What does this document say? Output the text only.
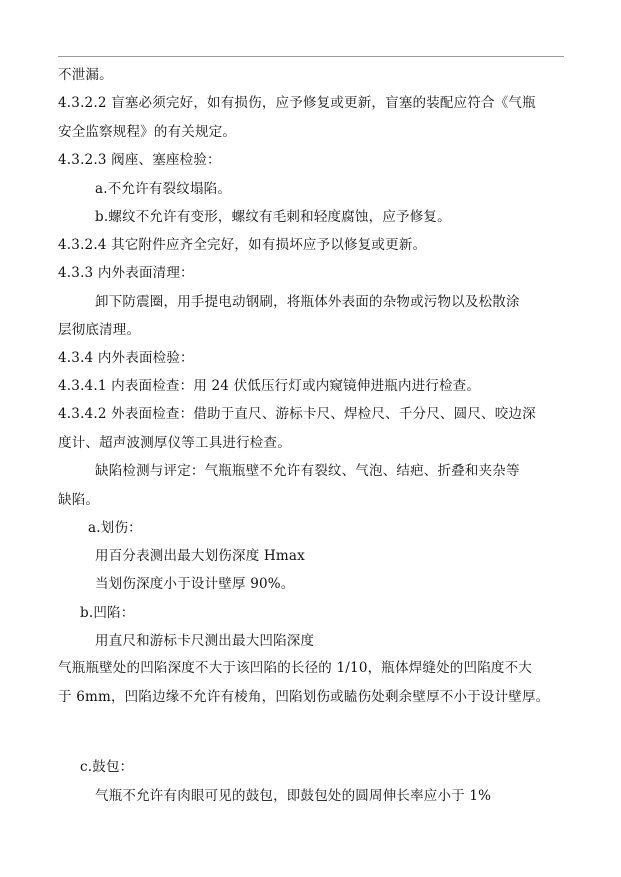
不泄漏。
4.3.2.2 盲塞必须完好，如有损伤，应予修复或更新，盲塞的装配应符合《气瓶
安全监察规程》的有关规定。
4.3.2.3 阀座、塞座检验：
a.不允许有裂纹塌陷。
b.螺纹不允许有变形，螺纹有毛刺和轻度腐蚀，应予修复。
4.3.2.4 其它附件应齐全完好，如有损坏应予以修复或更新。
4.3.3 内外表面清理：
卸下防震圈，用手提电动钢刷，将瓶体外表面的杂物或污物以及松散涂
层彻底清理。
4.3.4 内外表面检验：
4.3.4.1 内表面检查：用 24 伏低压行灯或内窥镜伸进瓶内进行检查。
4.3.4.2 外表面检查：借助于直尺、游标卡尺、焊检尺、千分尺、圆尺、咬边深
度计、超声波测厚仪等工具进行检查。
缺陷检测与评定：气瓶瓶壁不允许有裂纹、气泡、结疤、折叠和夹杂等
缺陷。
a.划伤：
用百分表测出最大划伤深度 Hmax
当划伤深度小于设计壁厚 90%。
b.凹陷：
用直尺和游标卡尺测出最大凹陷深度
气瓶瓶壁处的凹陷深度不大于该凹陷的长径的 1/10，瓶体焊缝处的凹陷度不大
于 6mm，凹陷边缘不允许有棱角，凹陷划伤或瞌伤处剩余壁厚不小于设计壁厚。
c.鼓包：
气瓶不允许有肉眼可见的鼓包，即鼓包处的圆周伸长率应小于 1%
